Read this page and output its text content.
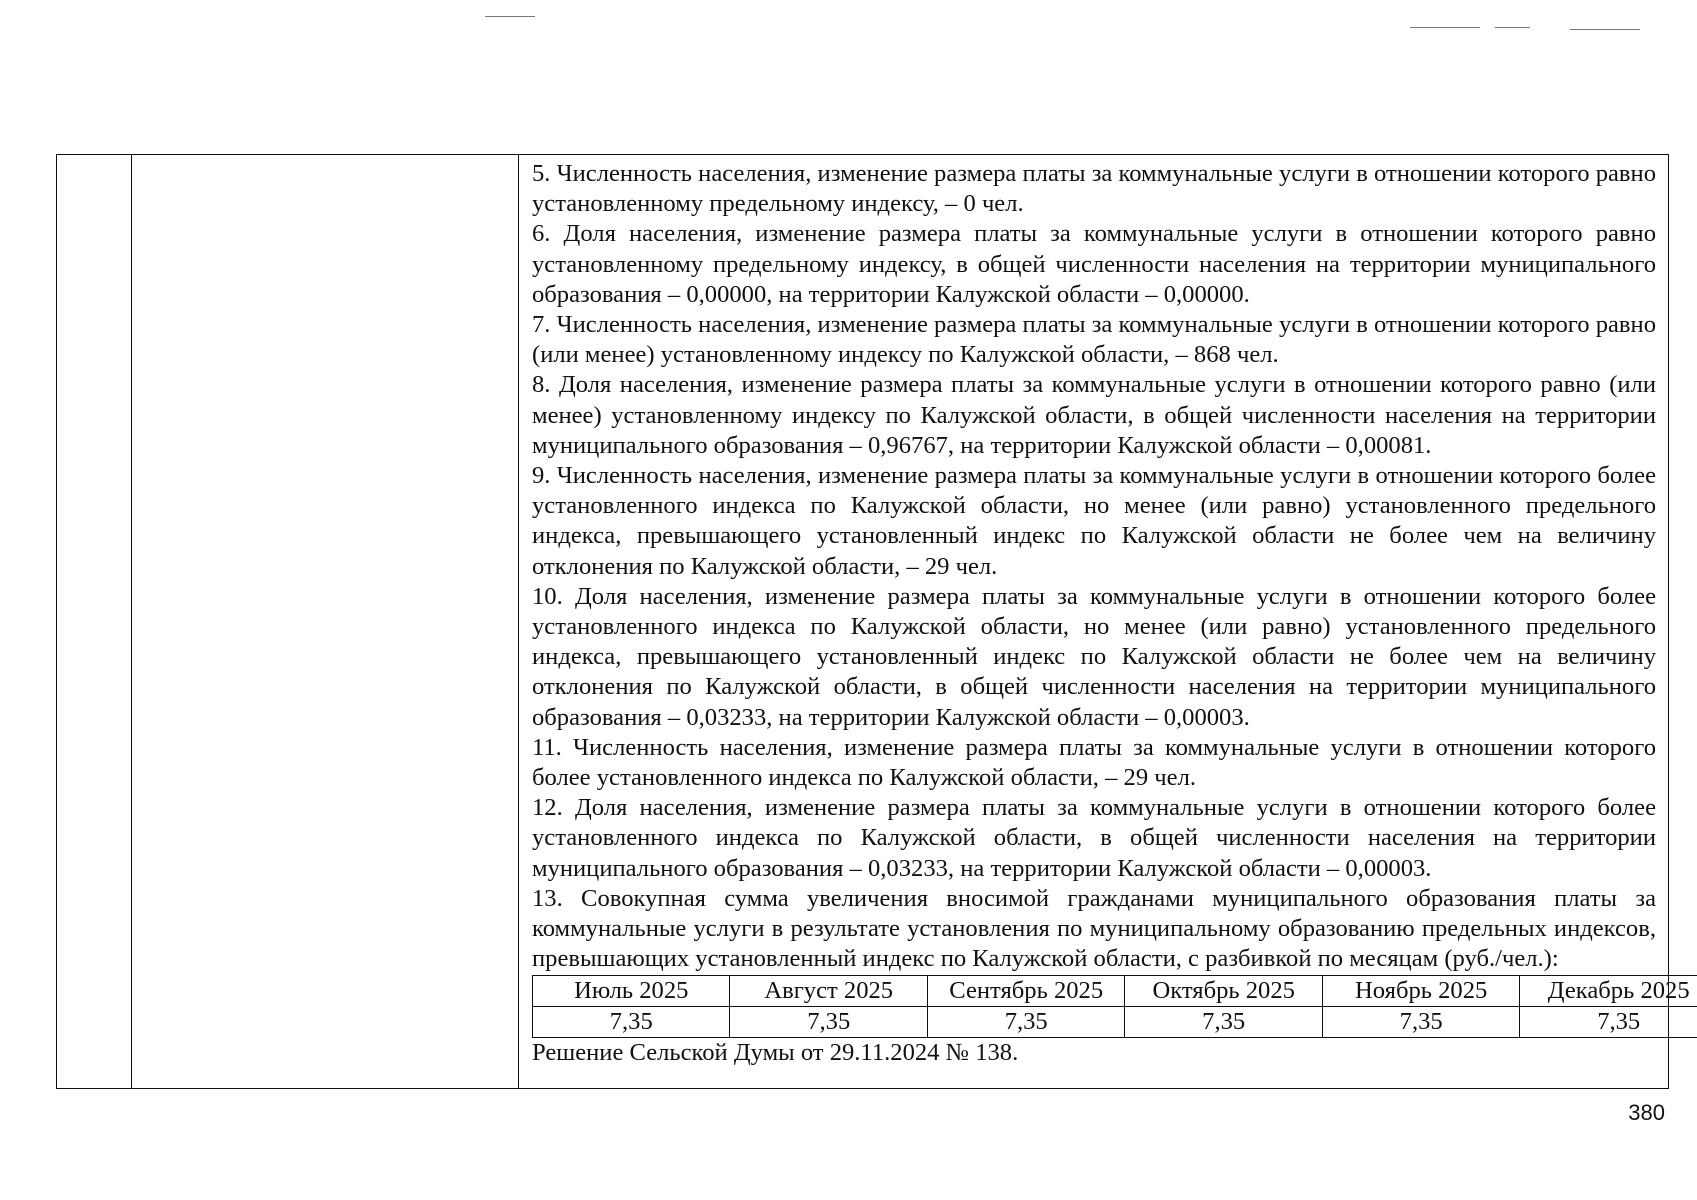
5. Численность населения, изменение размера платы за коммунальные услуги в отношении которого равно установленному предельному индексу, – 0 чел.

6. Доля населения, изменение размера платы за коммунальные услуги в отношении которого равно установленному предельному индексу, в общей численности населения на территории муниципального образования – 0,00000, на территории Калужской области – 0,00000.

7. Численность населения, изменение размера платы за коммунальные услуги в отношении которого равно (или менее) установленному индексу по Калужской области, – 868 чел.

8. Доля населения, изменение размера платы за коммунальные услуги в отношении которого равно (или менее) установленному индексу по Калужской области, в общей численности населения на территории муниципального образования – 0,96767, на территории Калужской области – 0,00081.

9. Численность населения, изменение размера платы за коммунальные услуги в отношении которого более установленного индекса по Калужской области, но менее (или равно) установленного предельного индекса, превышающего установленный индекс по Калужской области не более чем на величину отклонения по Калужской области, – 29 чел.

10. Доля населения, изменение размера платы за коммунальные услуги в отношении которого более установленного индекса по Калужской области, но менее (или равно) установленного предельного индекса, превышающего установленный индекс по Калужской области не более чем на величину отклонения по Калужской области, в общей численности населения на территории муниципального образования – 0,03233, на территории Калужской области – 0,00003.

11. Численность населения, изменение размера платы за коммунальные услуги в отношении которого более установленного индекса по Калужской области, – 29 чел.

12. Доля населения, изменение размера платы за коммунальные услуги в отношении которого более установленного индекса по Калужской области, в общей численности населения на территории муниципального образования – 0,03233, на территории Калужской области – 0,00003.

13. Совокупная сумма увеличения вносимой гражданами муниципального образования платы за коммунальные услуги в результате установления по муниципальному образованию предельных индексов, превышающих установленный индекс по Калужской области, с разбивкой по месяцам (руб./чел.):

Июль 2025	Август 2025	Сентябрь 2025	Октябрь 2025	Ноябрь 2025	Декабрь 2025
7,35	7,35	7,35	7,35	7,35	7,35

Решение Сельской Думы от 29.11.2024 № 138.

380
